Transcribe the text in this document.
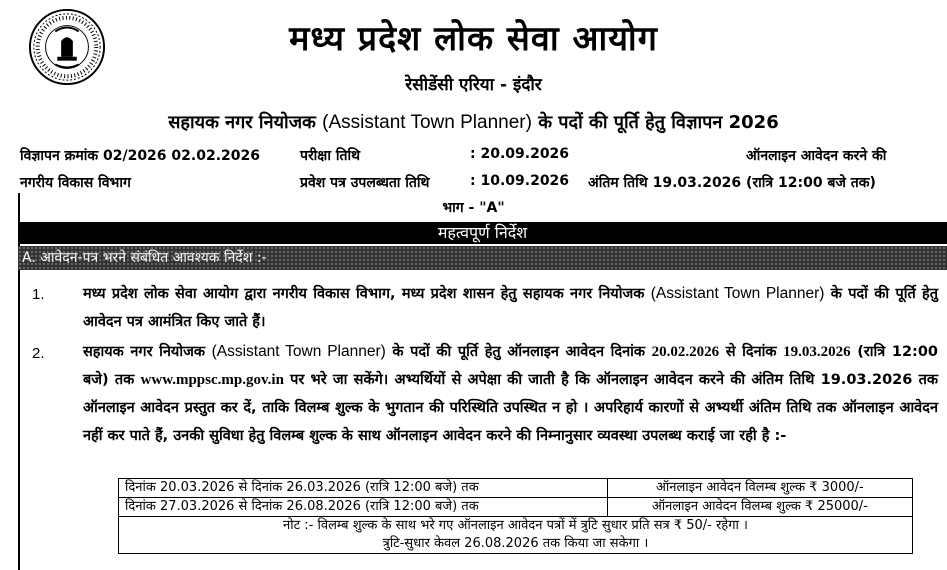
मध्य प्रदेश लोक सेवा आयोग
रेसीडेंसी एरिया - इंदौर
सहायक नगर नियोजक (Assistant Town Planner) के पदों की पूर्ति हेतु विज्ञापन 2026
विज्ञापन क्रमांक 02/2026 02.02.2026	परीक्षा तिथि	: 20.09.2026	ऑनलाइन आवेदन करने की
नगरीय विकास विभाग	प्रवेश पत्र उपलब्धता तिथि	: 10.09.2026 अंतिम तिथि 19.03.2026 (रात्रि 12:00 बजे तक)
भाग - "A"
महत्वपूर्ण निर्देश
A. आवेदन-पत्र भरने संबंधित आवश्यक निर्देश :-
1.	मध्य प्रदेश लोक सेवा आयोग द्वारा नगरीय विकास विभाग, मध्य प्रदेश शासन हेतु सहायक नगर नियोजक (Assistant Town Planner) के पदों की पूर्ति हेतु आवेदन पत्र आमंत्रित किए जाते हैं।
2.	सहायक नगर नियोजक (Assistant Town Planner) के पदों की पूर्ति हेतु ऑनलाइन आवेदन दिनांक 20.02.2026 से दिनांक 19.03.2026 (रात्रि 12:00 बजे) तक www.mppsc.mp.gov.in पर भरे जा सकेंगे। अभ्यर्थियों से अपेक्षा की जाती है कि ऑनलाइन आवेदन करने की अंतिम तिथि 19.03.2026 तक ऑनलाइन आवेदन प्रस्तुत कर दें, ताकि विलम्ब शुल्क के भुगतान की परिस्थिति उपस्थित न हो । अपरिहार्य कारणों से अभ्यर्थी अंतिम तिथि तक ऑनलाइन आवेदन नहीं कर पाते हैं, उनकी सुविधा हेतु विलम्ब शुल्क के साथ ऑनलाइन आवेदन करने की निम्नानुसार व्यवस्था उपलब्ध कराई जा रही है :-
दिनांक 20.03.2026 से दिनांक 26.03.2026 (रात्रि 12:00 बजे) तक	ऑनलाइन आवेदन विलम्ब शुल्क ₹ 3000/-
दिनांक 27.03.2026 से दिनांक 26.08.2026 (रात्रि 12:00 बजे) तक	ऑनलाइन आवेदन विलम्ब शुल्क ₹ 25000/-

नोट :- विलम्ब शुल्क के साथ भरे गए ऑनलाइन आवेदन पत्रों में त्रुटि सुधार प्रति सत्र ₹ 50/- रहेगा ।
त्रुटि-सुधार केवल 26.08.2026 तक किया जा सकेगा ।	
